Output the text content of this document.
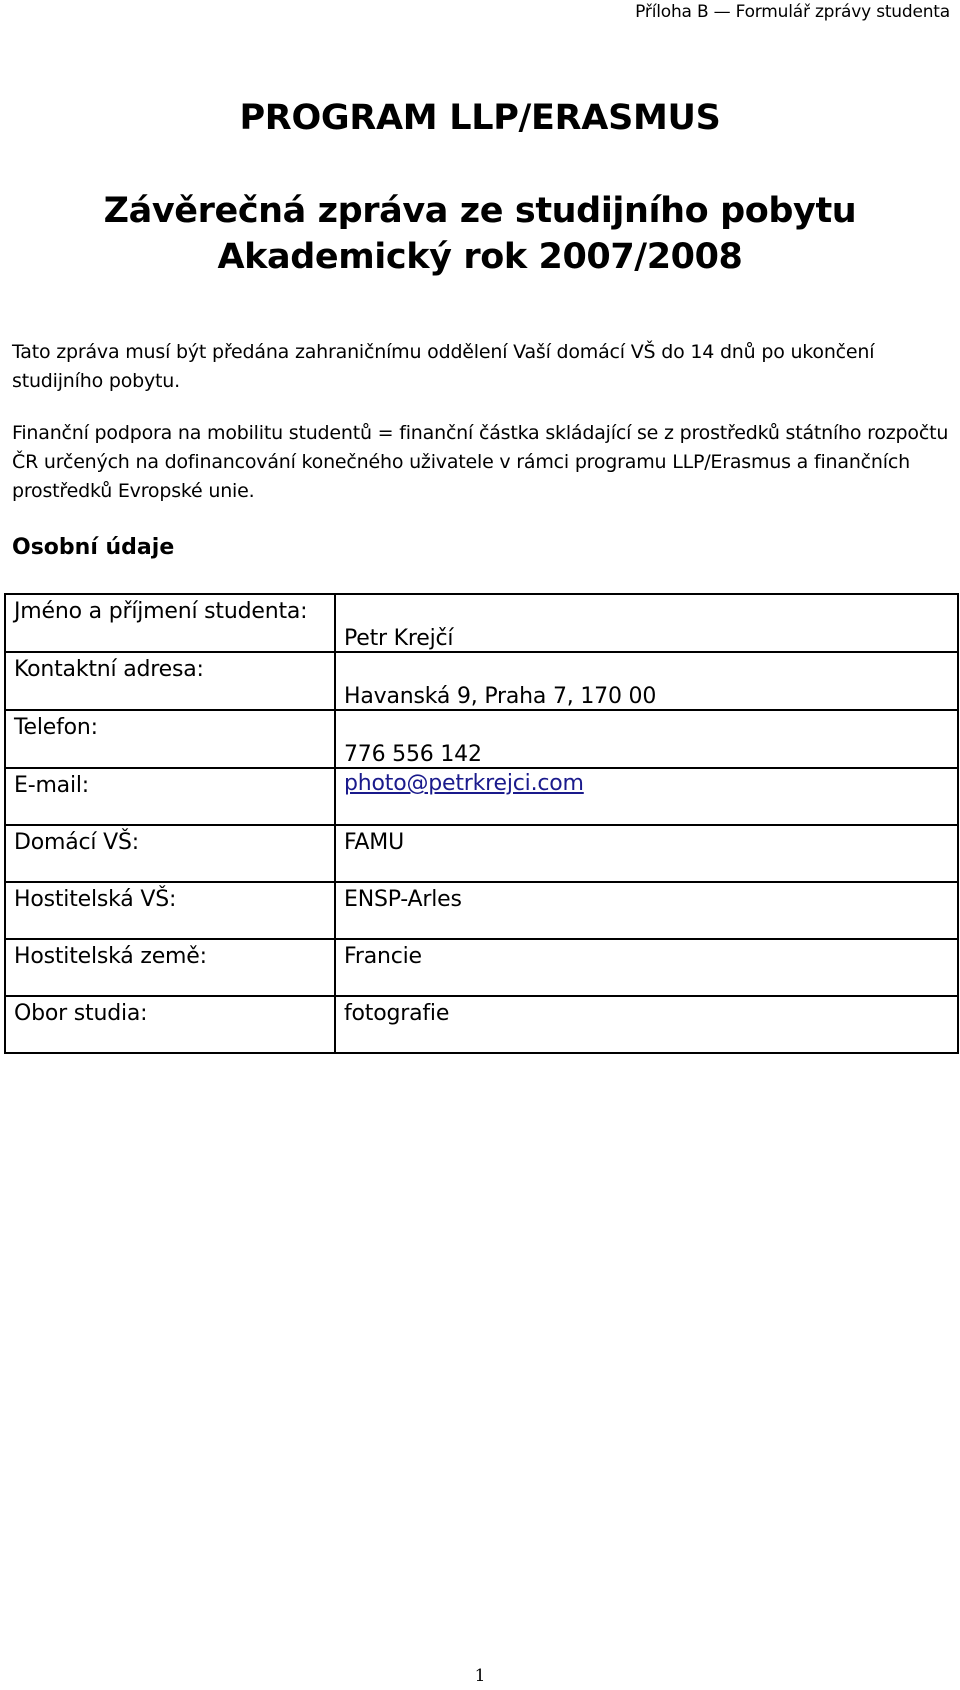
Příloha B — Formulář zprávy studenta
PROGRAM LLP/ERASMUS
Závěrečná zpráva ze studijního pobytu
Akademický rok 2007/2008

Tato zpráva musí být předána zahraničnímu oddělení Vaší domácí VŠ do 14 dnů po ukončení studijního pobytu.

Finanční podpora na mobilitu studentů = finanční částka skládající se z prostředků státního rozpočtu ČR určených na dofinancování konečného uživatele v rámci programu LLP/Erasmus a finančních prostředků Evropské unie.

Osobní údaje
Jméno a příjmení studenta:	Petr Krejčí
Kontaktní adresa:	Havanská 9, Praha 7, 170 00
Telefon:	776 556 142
E-mail:	photo@petrkrejci.com
Domácí VŠ:	FAMU
Hostitelská VŠ:	ENSP-Arles
Hostitelská země:	Francie
Obor studia:	fotografie
1
